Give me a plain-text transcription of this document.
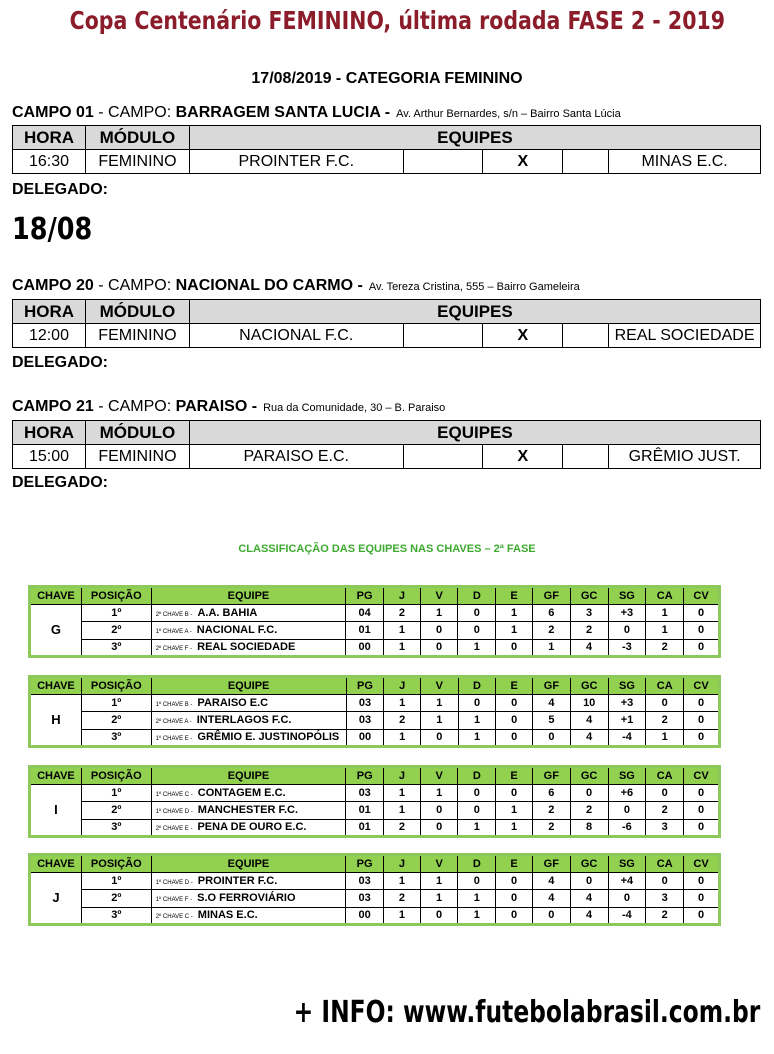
Copa Centenário FEMININO, última rodada FASE 2 - 2019
17/08/2019 - CATEGORIA FEMININO
CAMPO 01 - CAMPO: BARRAGEM SANTA LUCIA - Av. Arthur Bernardes, s/n – Bairro Santa Lúcia
HORA	MÓDULO	EQUIPES				
16:30	FEMININO	PROINTER F.C.		X		MINAS E.C.
DELEGADO:
18/08
CAMPO 20 - CAMPO: NACIONAL DO CARMO - Av. Tereza Cristina, 555 – Bairro Gameleira
HORA	MÓDULO	EQUIPES				
12:00	FEMININO	NACIONAL F.C.		X		REAL SOCIEDADE
DELEGADO:
CAMPO 21 - CAMPO: PARAISO - Rua da Comunidade, 30 – B. Paraiso
HORA	MÓDULO	EQUIPES				
15:00	FEMININO	PARAISO E.C.		X		GRÊMIO JUST.
DELEGADO:
CLASSIFICAÇÃO DAS EQUIPES NAS CHAVES – 2ª FASE
CHAVE	POSIÇÃO	EQUIPE	PG	J	V	D	E	GF	GC	SG	CA	CV
G	1º	2º CHAVE B - A.A. BAHIA	04	2	1	0	1	6	3	+3	1	0
	2º	1º CHAVE A - NACIONAL F.C.	01	1	0	0	1	2	2	0	1	0
	3º	2º CHAVE F - REAL SOCIEDADE	00	1	0	1	0	1	4	-3	2	0
CHAVE	POSIÇÃO	EQUIPE	PG	J	V	D	E	GF	GC	SG	CA	CV
H	1º	1º CHAVE B - PARAISO E.C	03	1	1	0	0	4	10	+3	0	0
	2º	2º CHAVE A - INTERLAGOS F.C.	03	2	1	1	0	5	4	+1	2	0
	3º	1º CHAVE E - GRÊMIO E. JUSTINOPÓLIS	00	1	0	1	0	0	4	-4	1	0
CHAVE	POSIÇÃO	EQUIPE	PG	J	V	D	E	GF	GC	SG	CA	CV
I	1º	1º CHAVE C - CONTAGEM E.C.	03	1	1	0	0	6	0	+6	0	0
	2º	1º CHAVE D - MANCHESTER F.C.	01	1	0	0	1	2	2	0	2	0
	3º	2º CHAVE E - PENA DE OURO E.C.	01	2	0	1	1	2	8	-6	3	0
CHAVE	POSIÇÃO	EQUIPE	PG	J	V	D	E	GF	GC	SG	CA	CV
J	1º	1º CHAVE D - PROINTER F.C.	03	1	1	0	0	4	0	+4	0	0
	2º	1º CHAVE F - S.O FERROVIÁRIO	03	2	1	1	0	4	4	0	3	0
	3º	2º CHAVE C - MINAS E.C.	00	1	0	1	0	0	4	-4	2	0
+ INFO: www.futebolabrasil.com.br
